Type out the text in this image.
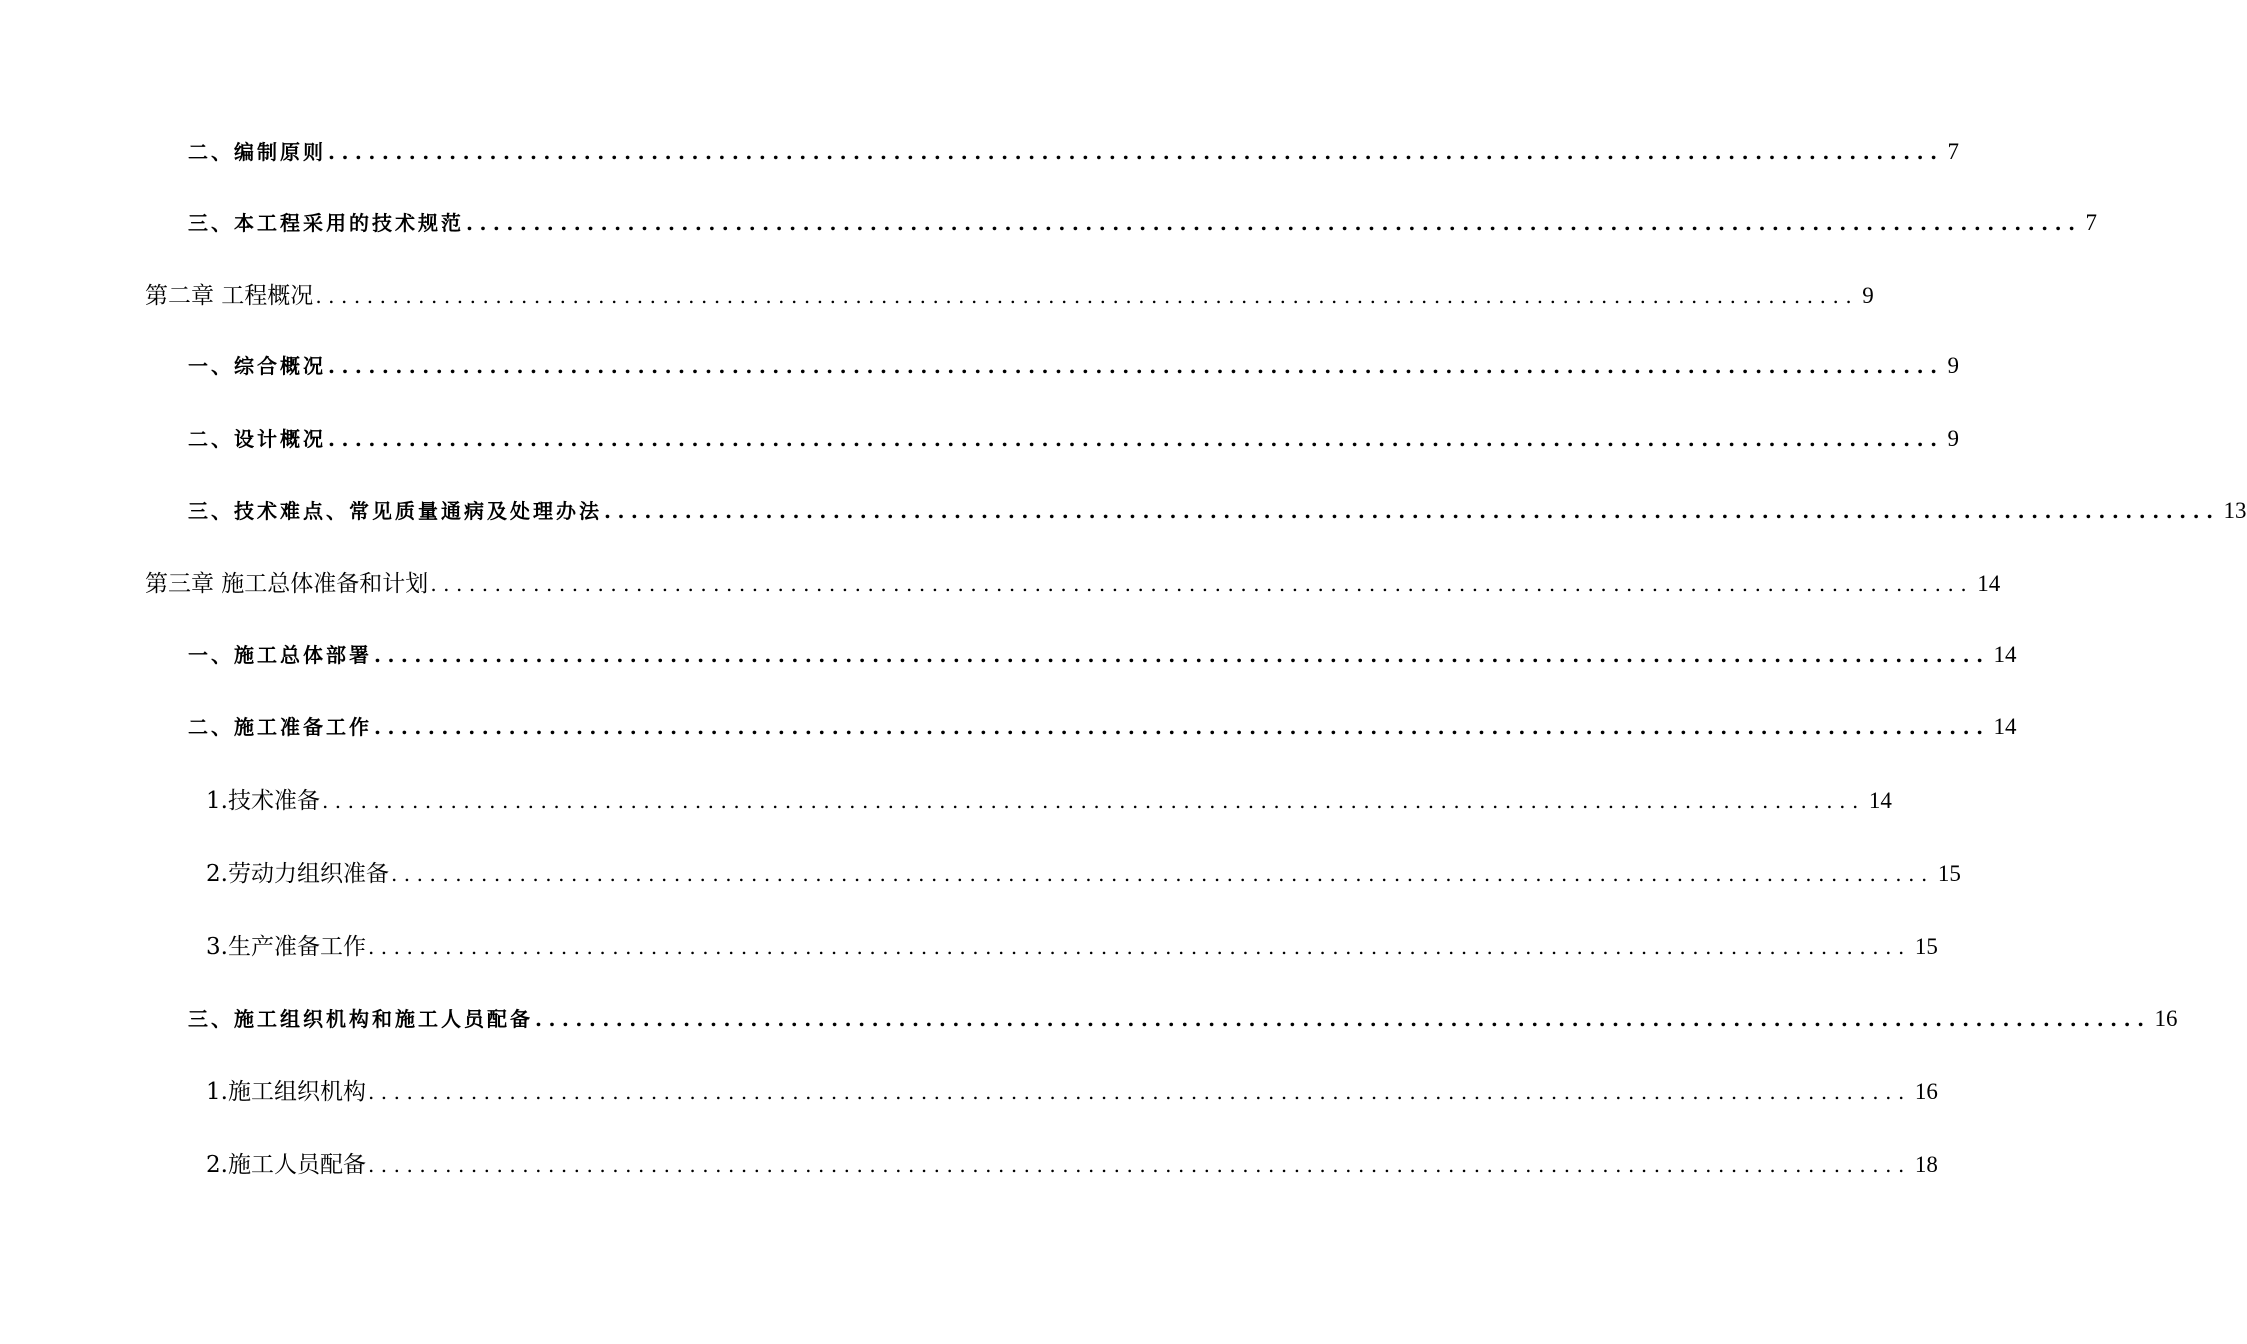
二、编制原则 ........................................................................................................................ 7
三、本工程采用的技术规范 ........................................................................................................................ 7
第二章 工程概况 ........................................................................................................................ 9
一、综合概况 ........................................................................................................................ 9
二、设计概况 ........................................................................................................................ 9
三、技术难点、常见质量通病及处理办法 ........................................................................................................................ 13
第三章 施工总体准备和计划 ........................................................................................................................ 14
一、施工总体部署 ........................................................................................................................ 14
二、施工准备工作 ........................................................................................................................ 14
1.技术准备 ........................................................................................................................ 14
2.劳动力组织准备 ........................................................................................................................ 15
3.生产准备工作 ........................................................................................................................ 15
三、施工组织机构和施工人员配备 ........................................................................................................................ 16
1.施工组织机构 ........................................................................................................................ 16
2.施工人员配备 ........................................................................................................................ 18
